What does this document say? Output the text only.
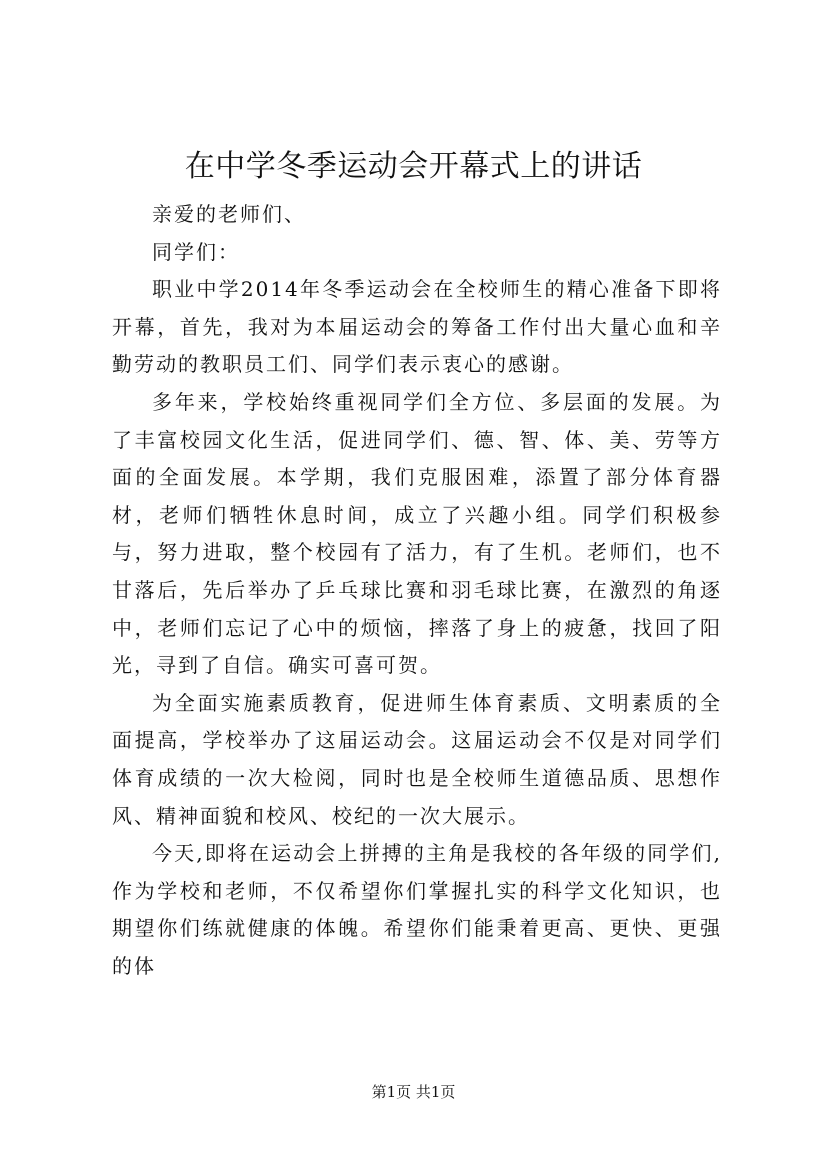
在中学冬季运动会开幕式上的讲话

亲爱的老师们、

同学们：

职业中学2014年冬季运动会在全校师生的精心准备下即将开幕，首先，我对为本届运动会的筹备工作付出大量心血和辛勤劳动的教职员工们、同学们表示衷心的感谢。

多年来，学校始终重视同学们全方位、多层面的发展。为了丰富校园文化生活，促进同学们、德、智、体、美、劳等方面的全面发展。本学期，我们克服困难，添置了部分体育器材，老师们牺牲休息时间，成立了兴趣小组。同学们积极参与，努力进取，整个校园有了活力，有了生机。老师们，也不甘落后，先后举办了乒乓球比赛和羽毛球比赛，在激烈的角逐中，老师们忘记了心中的烦恼，摔落了身上的疲惫，找回了阳光，寻到了自信。确实可喜可贺。

为全面实施素质教育，促进师生体育素质、文明素质的全面提高，学校举办了这届运动会。这届运动会不仅是对同学们体育成绩的一次大检阅，同时也是全校师生道德品质、思想作风、精神面貌和校风、校纪的一次大展示。

今天,即将在运动会上拼搏的主角是我校的各年级的同学们,作为学校和老师，不仅希望你们掌握扎实的科学文化知识，也期望你们练就健康的体魄。希望你们能秉着更高、更快、更强的体

第1页 共1页
